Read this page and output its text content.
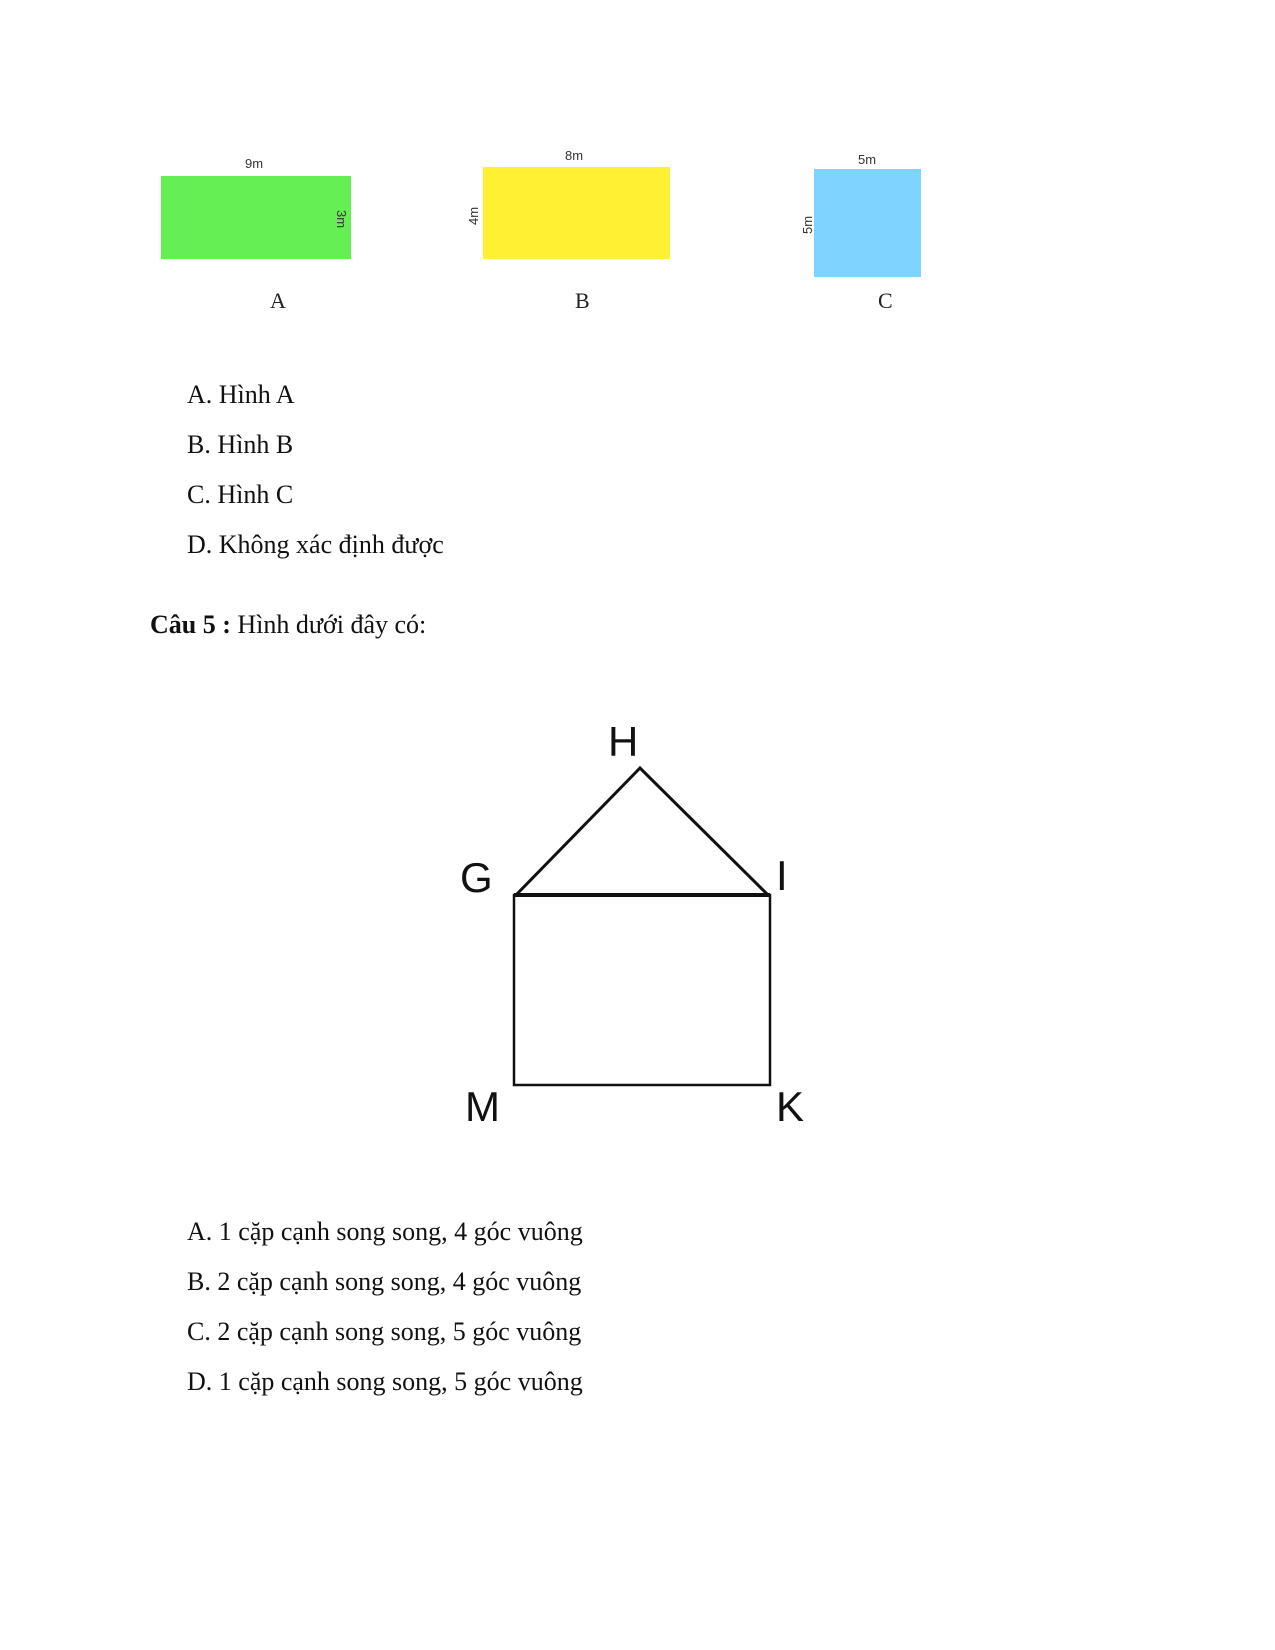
9m
3m
A
8m
4m
B
5m
5m
C
A. Hình A
B. Hình B
C. Hình C
D. Không xác định được
Câu 5 : Hình dưới đây có:
H
G	I
M	K
A. 1 cặp cạnh song song, 4 góc vuông
B. 2 cặp cạnh song song, 4 góc vuông
C. 2 cặp cạnh song song, 5 góc vuông
D. 1 cặp cạnh song song, 5 góc vuông
